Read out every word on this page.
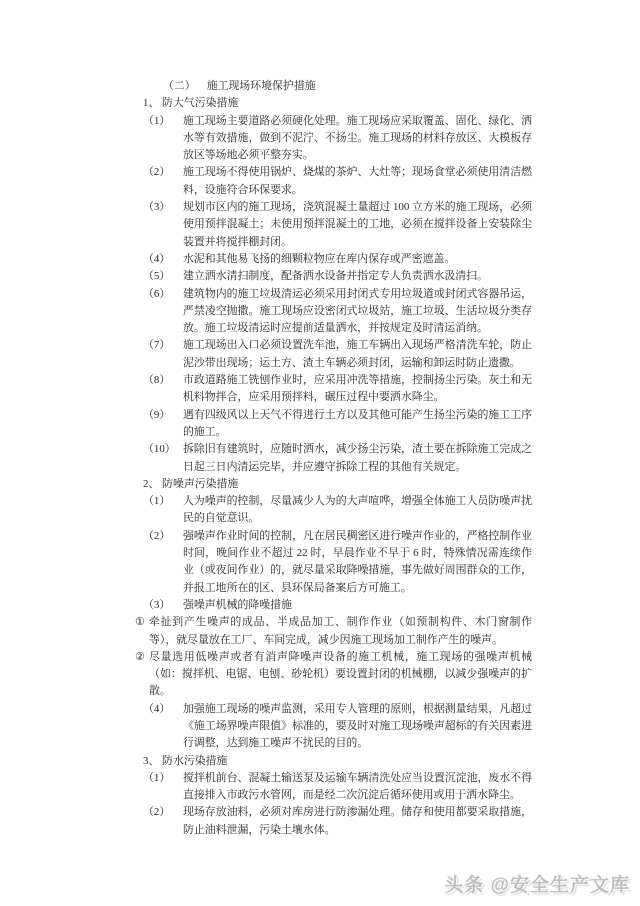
（二） 施工现场环境保护措施
1、 防大气污染措施
（1）	施工现场主要道路必须硬化处理。施工现场应采取覆盖、固化、绿化、洒水等有效措施，做到不泥泞、不扬尘。施工现场的材料存放区、大模板存放区等场地必须平整夯实。
（2）	施工现场不得使用锅炉、烧煤的茶炉、大灶等；现场食堂必须使用清洁燃料，设施符合环保要求。
（3）	规划市区内的施工现场，浇筑混凝土量超过 100 立方米的施工现场，必须使用预拌混凝土；未使用预拌混凝土的工地，必须在搅拌设备上安装除尘装置并将搅拌棚封闭。
（4）	水泥和其他易飞扬的细颗粒物应在库内保存或严密遮盖。
（5）	建立洒水清扫制度，配备洒水设备并指定专人负责洒水汲清扫。
（6）	建筑物内的施工垃圾清运必须采用封闭式专用垃圾道或封闭式容器吊运，严禁凌空抛撒。施工现场应设密闭式垃圾站，施工垃圾、生活垃圾分类存放。施工垃圾清运时应提前适量洒水，并按规定及时清运消纳。
（7）	施工现场出入口必须设置洗车池，施工车辆出入现场严格清洗车轮，防止泥沙带出现场；运土方、渣土车辆必须封闭，运输和卸运时防止遗撒。
（8）	市政道路施工铣刨作业时，应采用冲洗等措施，控制扬尘污染。灰土和无机料物拌合，应采用预拌料，碾压过程中要洒水降尘。
（9）	遇有四级风以上天气不得进行土方以及其他可能产生扬尘污染的施工工序的施工。
（10） 拆除旧有建筑时，应随时洒水，减少扬尘污染，渣土要在拆除施工完成之日起三日内清运完毕，并应遵守拆除工程的其他有关规定。
2、 防噪声污染措施
（1）	人为噪声的控制，尽量减少人为的大声喧哗，增强全体施工人员防噪声扰民的自觉意识。
（2）	强噪声作业时间的控制，凡在居民稠密区进行噪声作业的，严格控制作业时间，晚间作业不超过 22 时，早晨作业不早于 6 时，特殊情况需连续作业（或夜间作业）的，就尽量采取降噪措施，事先做好周围群众的工作，并报工地所在的区、县环保局备案后方可施工。
（3）	强噪声机械的降噪措施
① 牵扯到产生噪声的成品、半成品加工、制作作业（如预制构件、木门窗制作等），就尽量放在工厂、车间完成，减少因施工现场加工制作产生的噪声。
② 尽量选用低噪声或者有消声降噪声设备的施工机械，施工现场的强噪声机械（如：搅拌机、电锯、电刨、砂轮机）要设置封闭的机械棚，以减少强噪声的扩散。
（4）	加强施工现场的噪声监测，采用专人管理的原则，根据测量结果，凡超过《施工场界噪声限值》标准的，要及时对施工现场噪声超标的有关因素进行调整，达到施工噪声不扰民的目的。
3、 防水污染措施
（1）	搅拌机前台、混凝土输送泵及运输车辆清洗处应当设置沉淀池，废水不得直接排入市政污水管网，而是经二次沉淀后循环使用或用于洒水降尘。
（2）	现场存放油料，必须对库房进行防渗漏处理。储存和使用都要采取措施，防止油料泄漏，污染土壤水体。
头条 @安全生产文库
